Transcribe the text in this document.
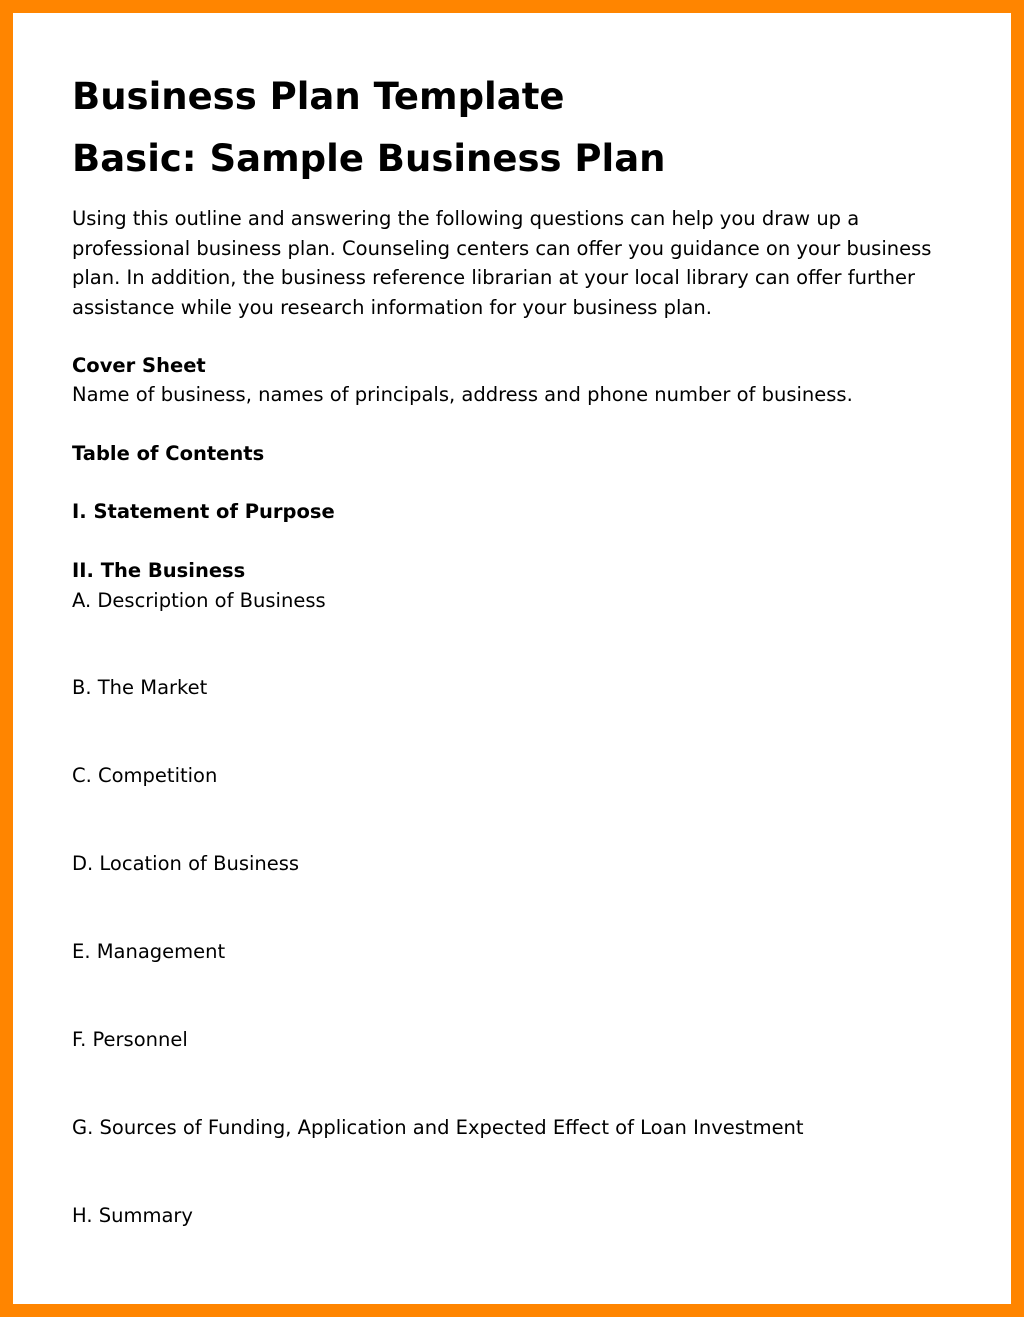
Business Plan Template
Basic: Sample Business Plan

Using this outline and answering the following questions can help you draw up a professional business plan. Counseling centers can offer you guidance on your business plan. In addition, the business reference librarian at your local library can offer further assistance while you research information for your business plan.

Cover Sheet
Name of business, names of principals, address and phone number of business.
Table of Contents
I. Statement of Purpose
II. The Business
A. Description of Business
B. The Market
C. Competition
D. Location of Business
E. Management
F. Personnel
G. Sources of Funding, Application and Expected Effect of Loan Investment
H. Summary
